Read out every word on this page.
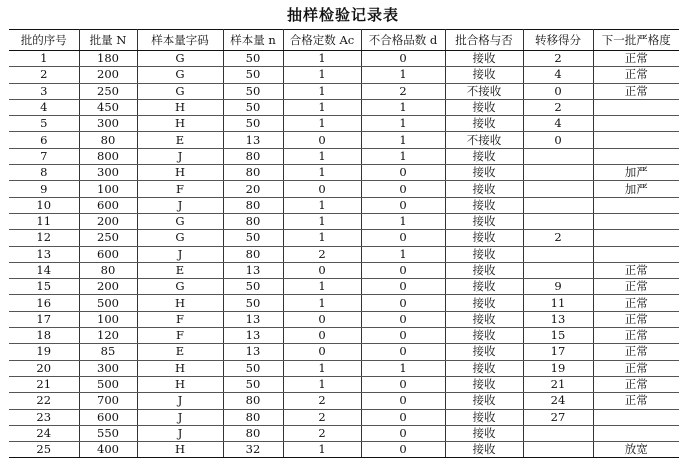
抽样检验记录表
批的序号	批量 N	样本量字码	样本量 n	合格定数 Ac	不合格品数 d	批合格与否	转移得分	下一批严格度
1	180	G	50	1	0	接收	2	正常
2	200	G	50	1	1	接收	4	正常
3	250	G	50	1	2	不接收	0	正常
4	450	H	50	1	1	接收	2	
5	300	H	50	1	1	接收	4	
6	80	E	13	0	1	不接收	0	
7	800	J	80	1	1	接收		
8	300	H	80	1	0	接收		加严
9	100	F	20	0	0	接收		加严
10	600	J	80	1	0	接收		
11	200	G	80	1	1	接收		
12	250	G	50	1	0	接收	2	
13	600	J	80	2	1	接收		
14	80	E	13	0	0	接收		正常
15	200	G	50	1	0	接收	9	正常
16	500	H	50	1	0	接收	11	正常
17	100	F	13	0	0	接收	13	正常
18	120	F	13	0	0	接收	15	正常
19	85	E	13	0	0	接收	17	正常
20	300	H	50	1	1	接收	19	正常
21	500	H	50	1	0	接收	21	正常
22	700	J	80	2	0	接收	24	正常
23	600	J	80	2	0	接收	27	
24	550	J	80	2	0	接收		
25	400	H	32	1	0	接收		放宽
